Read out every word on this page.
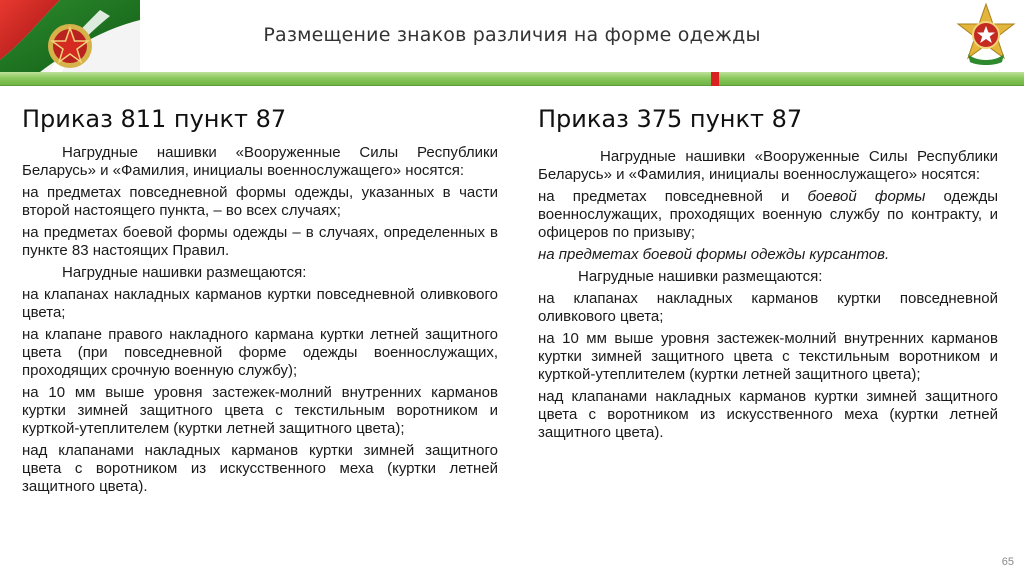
Размещение знаков различия на форме одежды
Приказ 811 пункт 87

Нагрудные нашивки «Вооруженные Силы Республики Беларусь» и «Фамилия, инициалы военнослужащего» носятся:

на предметах повседневной формы одежды, указанных в части второй настоящего пункта, – во всех случаях;

на предметах боевой формы одежды – в случаях, определенных в пункте 83 настоящих Правил.

Нагрудные нашивки размещаются:

на клапанах накладных карманов куртки повседневной оливкового цвета;

на клапане правого накладного кармана куртки летней защитного цвета (при повседневной форме одежды военнослужащих, проходящих срочную военную службу);

на 10 мм выше уровня застежек-молний внутренних карманов куртки зимней защитного цвета с текстильным воротником и курткой-утеплителем (куртки летней защитного цвета);

над клапанами накладных карманов куртки зимней защитного цвета с воротником из искусственного меха (куртки летней защитного цвета).

Приказ 375 пункт 87

Нагрудные нашивки «Вооруженные Силы Республики Беларусь» и «Фамилия, инициалы военнослужащего» носятся:

на предметах повседневной и боевой формы одежды военнослужащих, проходящих военную службу по контракту, и офицеров по призыву;

на предметах боевой формы одежды курсантов.

Нагрудные нашивки размещаются:

на клапанах накладных карманов куртки повседневной оливкового цвета;

на 10 мм выше уровня застежек-молний внутренних карманов куртки зимней защитного цвета с текстильным воротником и курткой-утеплителем (куртки летней защитного цвета);

над клапанами накладных карманов куртки зимней защитного цвета с воротником из искусственного меха (куртки летней защитного цвета).

65
